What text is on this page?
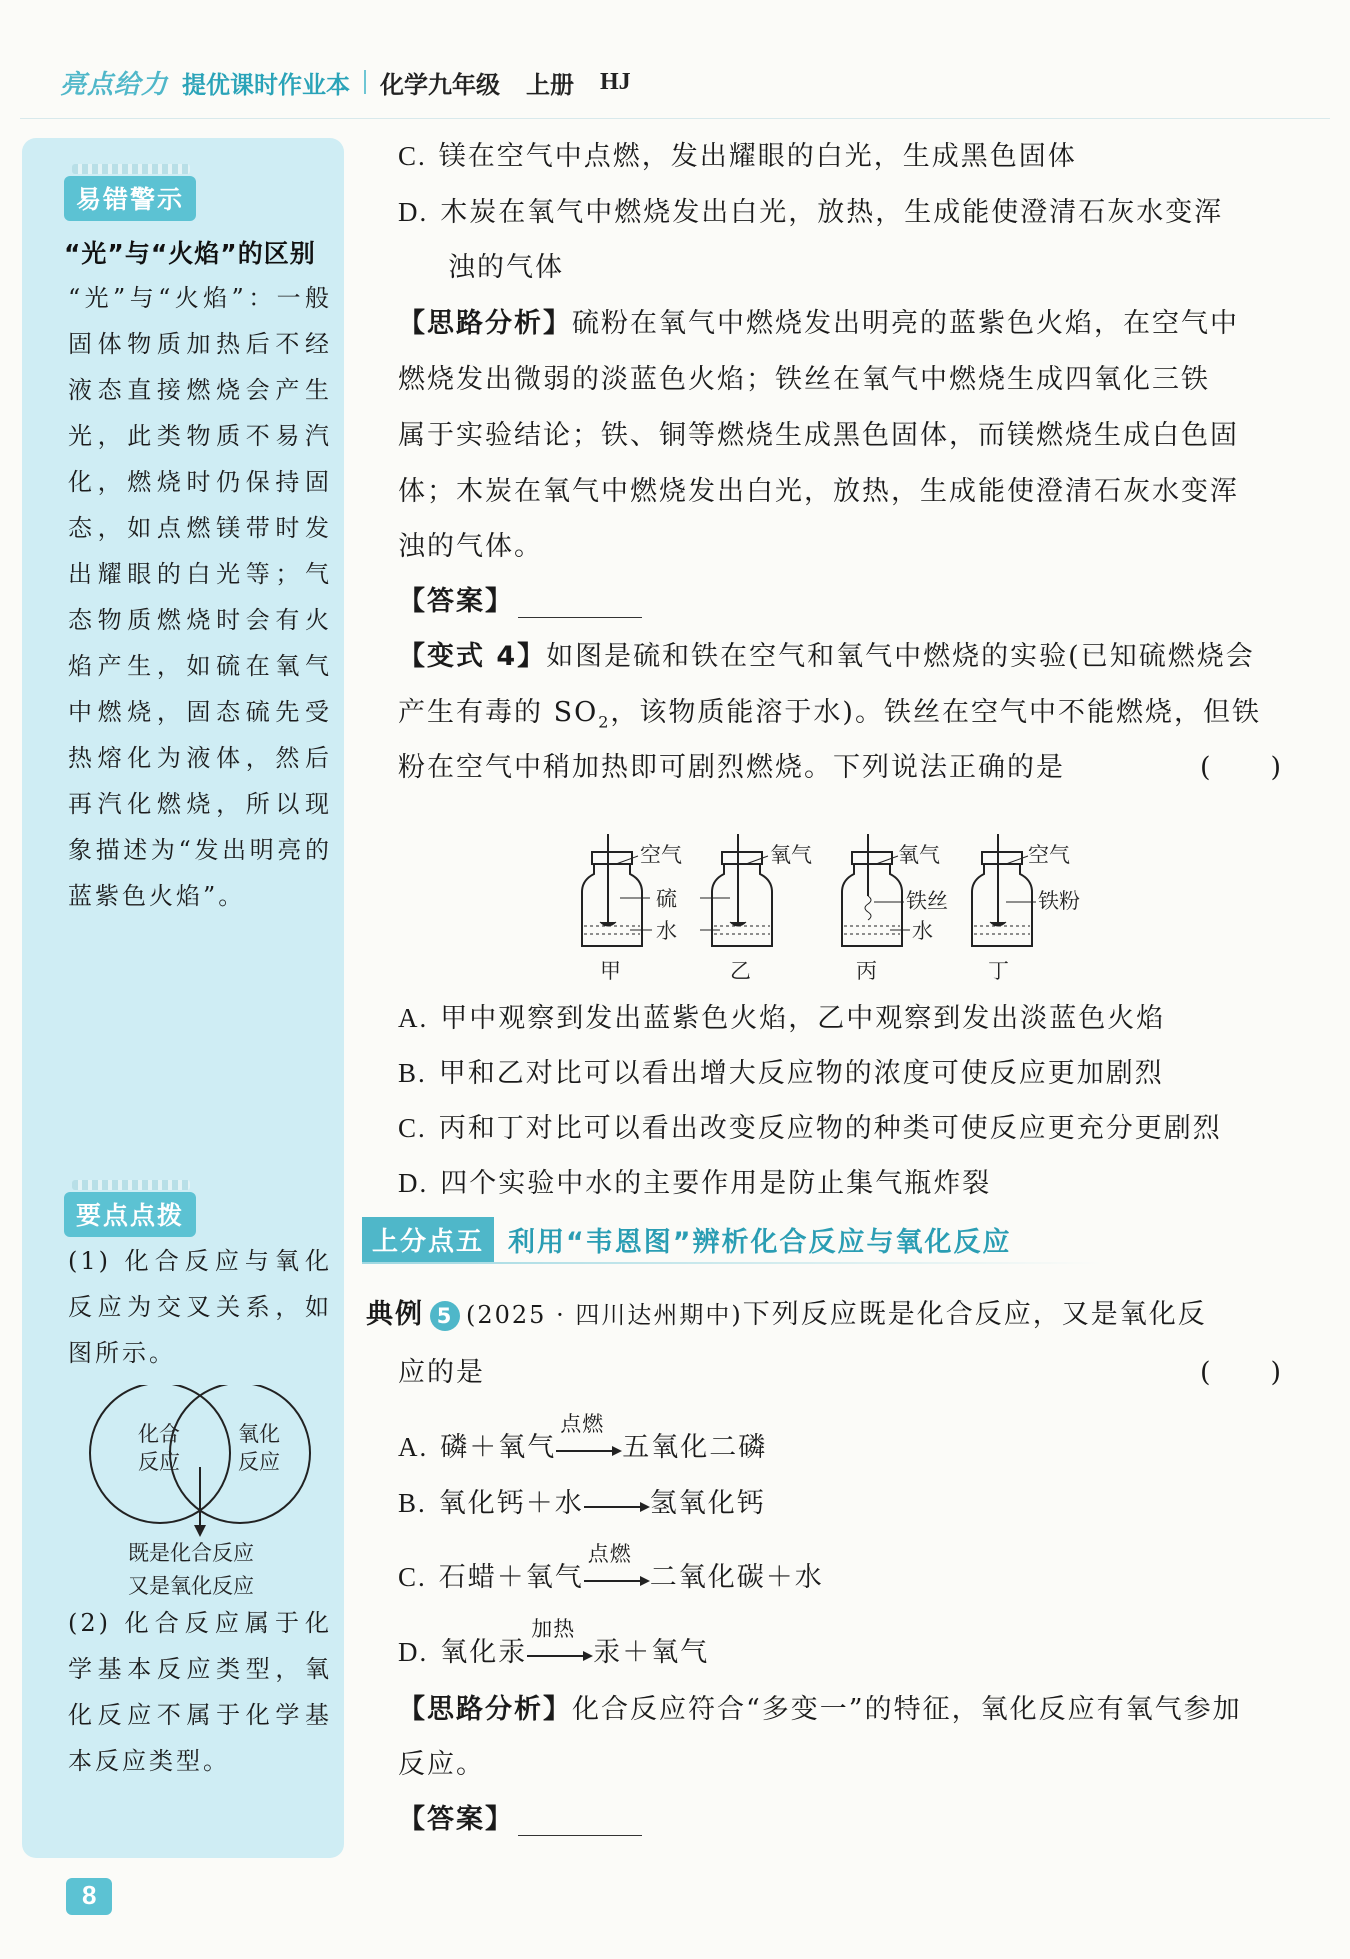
亮点给力 提优课时作业本 化学九年级 上册 HJ
易错警示
“光”与“火焰”的区别
“光”与“火焰”：一般固体物质加热后不经液态直接燃烧会产生光，此类物质不易汽化，燃烧时仍保持固态，如点燃镁带时发出耀眼的白光等；气态物质燃烧时会有火焰产生，如硫在氧气中燃烧，固态硫先受热熔化为液体，然后再汽化燃烧，所以现象描述为“发出明亮的蓝紫色火焰”。
要点点拨
(1) 化合反应与氧化反应为交叉关系，如图所示。
化合
反应
氧化
反应
既是化合反应
又是氧化反应
(2) 化合反应属于化学基本反应类型，氧化反应不属于化学基本反应类型。
C. 镁在空气中点燃，发出耀眼的白光，生成黑色固体
D. 木炭在氧气中燃烧发出白光，放热，生成能使澄清石灰水变浑
浊的气体
【思路分析】硫粉在氧气中燃烧发出明亮的蓝紫色火焰，在空气中
燃烧发出微弱的淡蓝色火焰；铁丝在氧气中燃烧生成四氧化三铁
属于实验结论；铁、铜等燃烧生成黑色固体，而镁燃烧生成白色固
体；木炭在氧气中燃烧发出白光，放热，生成能使澄清石灰水变浑
浊的气体。
【答案】
【变式 4】如图是硫和铁在空气和氧气中燃烧的实验(已知硫燃烧会
产生有毒的 $SO_2$，该物质能溶于水)。铁丝在空气中不能燃烧，但铁
粉在空气中稍加热即可剧烈燃烧。下列说法正确的是	(　　)
空气
硫
水
甲
氧气
乙
氧气
铁丝
水
丙
空气
铁粉
丁
A. 甲中观察到发出蓝紫色火焰，乙中观察到发出淡蓝色火焰
B. 甲和乙对比可以看出增大反应物的浓度可使反应更加剧烈
C. 丙和丁对比可以看出改变反应物的种类可使反应更充分更剧烈
D. 四个实验中水的主要作用是防止集气瓶炸裂
上分点五 利用“韦恩图”辨析化合反应与氧化反应
典例 5 (2025 · 四川达州期中)下列反应既是化合反应，又是氧化反
应的是	(　　)
A. 磷＋氧气
点燃
五氧化二磷
B. 氧化钙＋水→氢氧化钙
C. 石蜡＋氧气
点燃
二氧化碳＋水
D. 氧化汞
加热
汞＋氧气
【思路分析】化合反应符合“多变一”的特征，氧化反应有氧气参加
反应。
【答案】
8
